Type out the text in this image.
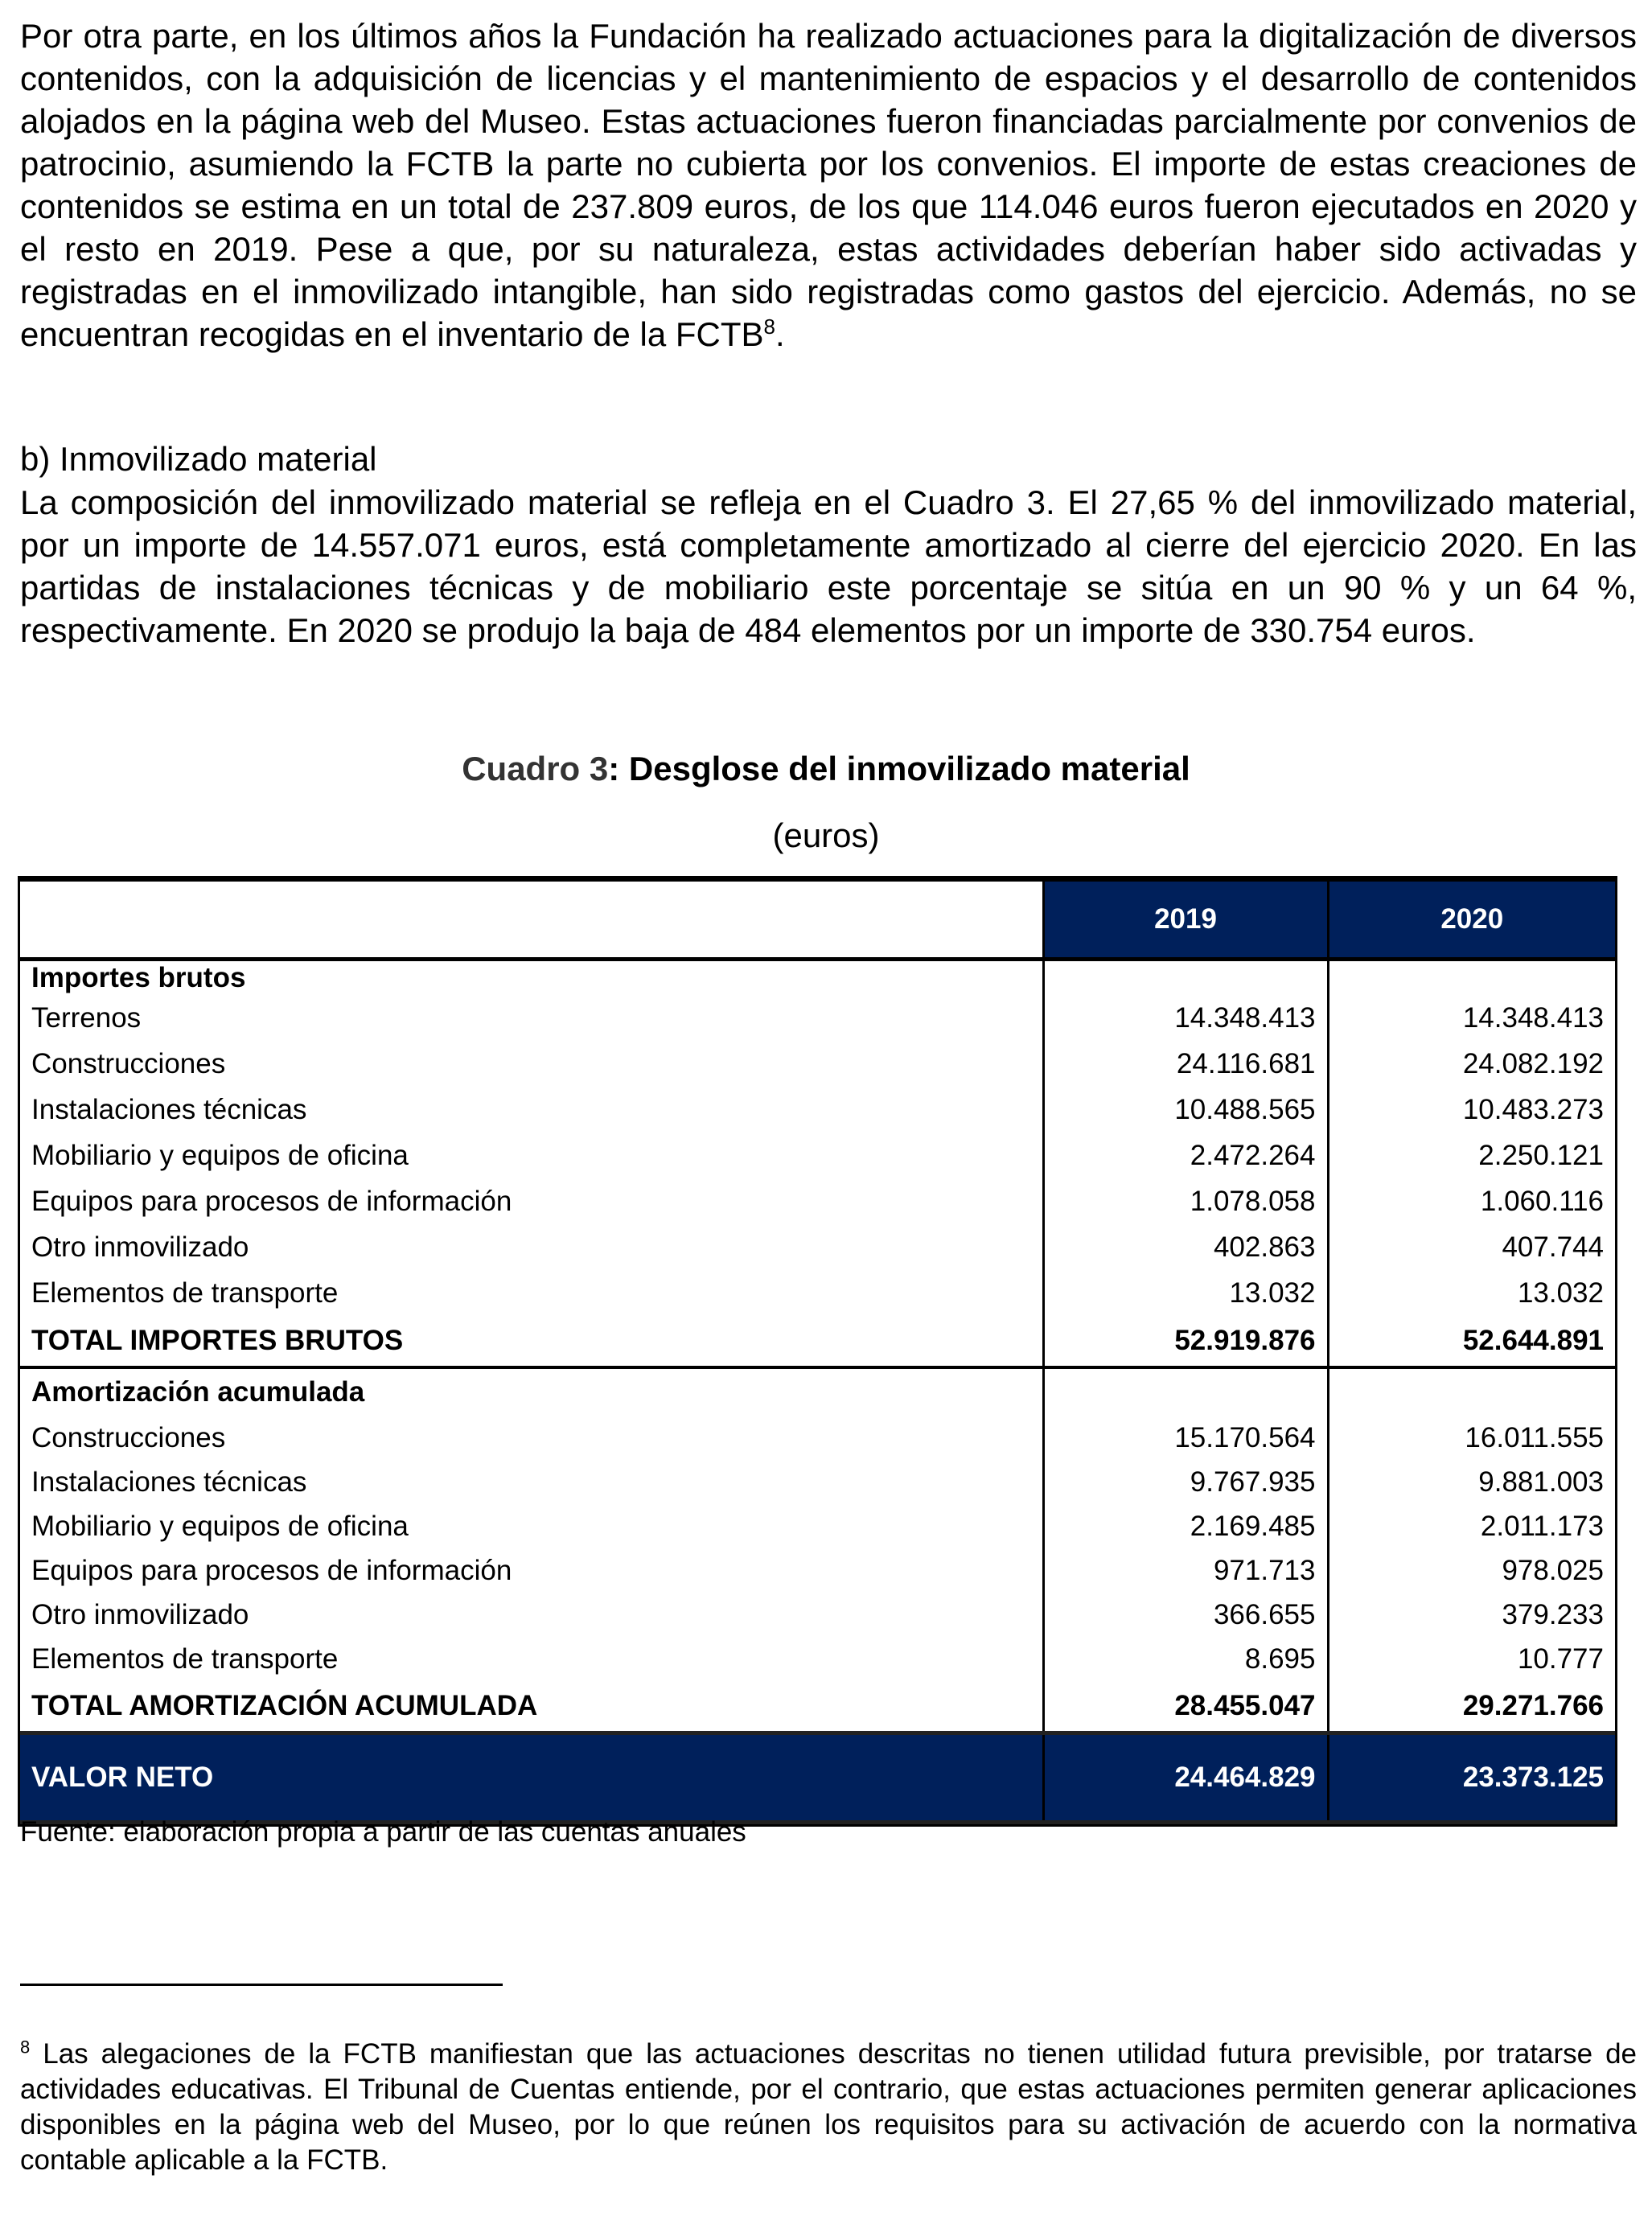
Por otra parte, en los últimos años la Fundación ha realizado actuaciones para la digitalización de diversos contenidos, con la adquisición de licencias y el mantenimiento de espacios y el desarrollo de contenidos alojados en la página web del Museo. Estas actuaciones fueron financiadas parcialmente por convenios de patrocinio, asumiendo la FCTB la parte no cubierta por los convenios. El importe de estas creaciones de contenidos se estima en un total de 237.809 euros, de los que 114.046 euros fueron ejecutados en 2020 y el resto en 2019. Pese a que, por su naturaleza, estas actividades deberían haber sido activadas y registradas en el inmovilizado intangible, han sido registradas como gastos del ejercicio. Además, no se encuentran recogidas en el inventario de la FCTB$^8$.
b) Inmovilizado material
La composición del inmovilizado material se refleja en el Cuadro 3. El 27,65 % del inmovilizado material, por un importe de 14.557.071 euros, está completamente amortizado al cierre del ejercicio 2020. En las partidas de instalaciones técnicas y de mobiliario este porcentaje se sitúa en un 90 % y un 64 %, respectivamente. En 2020 se produjo la baja de 484 elementos por un importe de 330.754 euros.
Cuadro 3: Desglose del inmovilizado material
(euros)
	2019	2020
Importes brutos		
Terrenos	14.348.413	14.348.413
Construcciones	24.116.681	24.082.192
Instalaciones técnicas	10.488.565	10.483.273
Mobiliario y equipos de oficina	2.472.264	2.250.121
Equipos para procesos de información	1.078.058	1.060.116
Otro inmovilizado	402.863	407.744
Elementos de transporte	13.032	13.032
TOTAL IMPORTES BRUTOS	52.919.876	52.644.891
Amortización acumulada		
Construcciones	15.170.564	16.011.555
Instalaciones técnicas	9.767.935	9.881.003
Mobiliario y equipos de oficina	2.169.485	2.011.173
Equipos para procesos de información	971.713	978.025
Otro inmovilizado	366.655	379.233
Elementos de transporte	8.695	10.777
TOTAL AMORTIZACIÓN ACUMULADA	28.455.047	29.271.766
VALOR NETO	24.464.829	23.373.125
Fuente: elaboración propia a partir de las cuentas anuales
$^8$ Las alegaciones de la FCTB manifiestan que las actuaciones descritas no tienen utilidad futura previsible, por tratarse de actividades educativas. El Tribunal de Cuentas entiende, por el contrario, que estas actuaciones permiten generar aplicaciones disponibles en la página web del Museo, por lo que reúnen los requisitos para su activación de acuerdo con la normativa contable aplicable a la FCTB.
